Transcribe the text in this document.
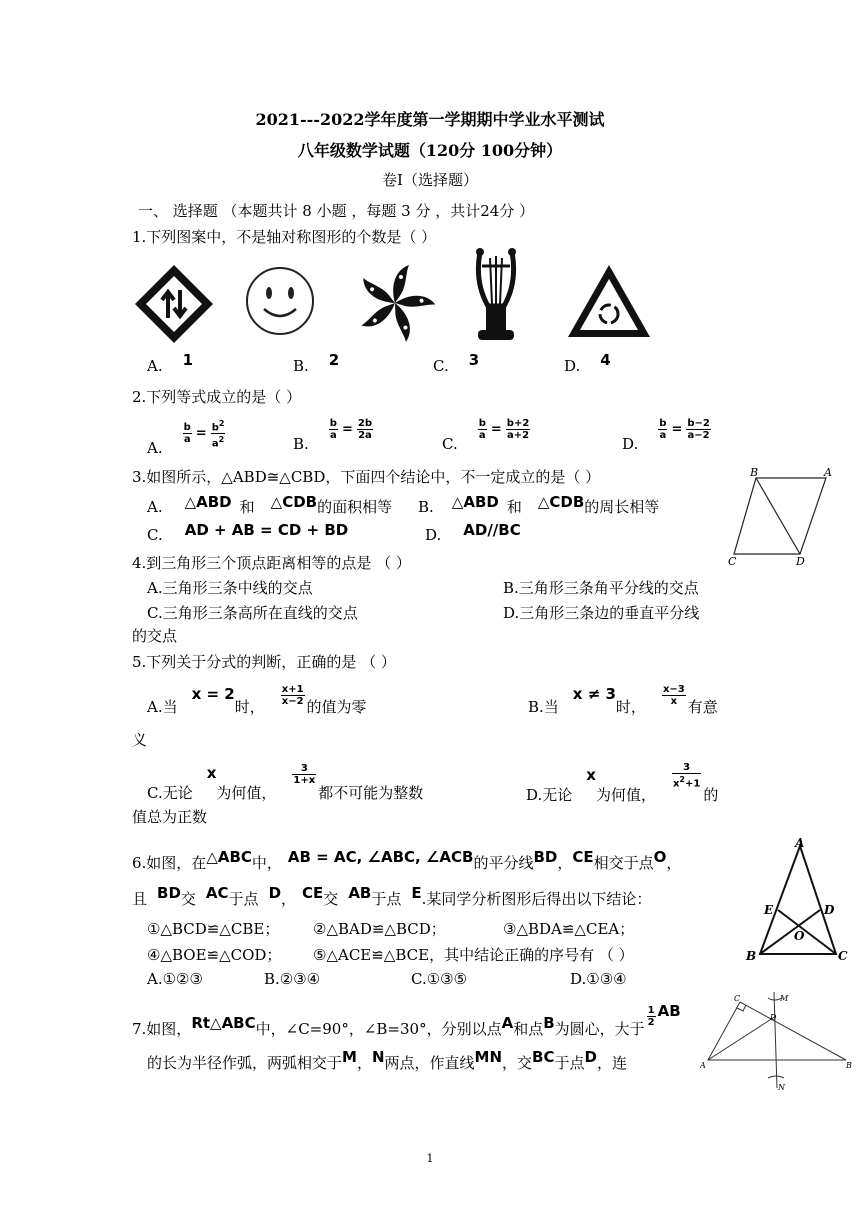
2021---2022学年度第一学期期中学业水平测试
八年级数学试题（120分 100分钟）
卷Ⅰ（选择题）
一、 选择题 （本题共计 8 小题 ，每题 3 分 ，共计24分 ）
1.下列图案中，不是轴对称图形的个数是（ ）
A. 1	B. 2	C. 3	D. 4
2.下列等式成立的是（ ）
A.
$\frac{b}{a} = \frac{b^2}{a^2}$	B.
$\frac{b}{a} = \frac{2b}{2a}$
C.
$\frac{b}{a} = \frac{b+2}{a+2}$
D.
$\frac{b}{a} = \frac{b-2}{a-2}$
3.如图所示，△ABD≅△CBD，下面四个结论中，不一定成立的是（ ）
A. △ABD 和 △CDB的面积相等 B. △ABD 和 △CDB的周长相等
C. AD + AB = CD + BD	D. AD//BC
B	A
C	D
4.到三角形三个顶点距离相等的点是 （ ）
A.三角形三条中线的交点	B.三角形三条角平分线的交点
C.三角形三条高所在直线的交点	D.三角形三条边的垂直平分线
的交点
5.下列关于分式的判断，正确的是 （ ）
A.当x = 2时，
$\frac{x+1}{x-2}$
的值为零	B.当x ≠ 3时，
$\frac{x-3}{x}$
有意
义
C.无论x为何值，
$\frac{3}{1+x}$
都不可能为整数	D.无论x为何值，
$\frac{3}{x^2+1}$
的
值总为正数
6.如图，在△ABC中， AB = AC, ∠ABC, ∠ACB的平分线BD，CE相交于点O，
且 BD交 AC于点 D， CE交 AB于点 E.某同学分析图形后得出以下结论：
①△BCD≌△CBE； ②△BAD≌△BCD；	③△BDA≌△CEA；
④△BOE≌△COD； ⑤△ACE≌△BCE，其中结论正确的序号有 （ ）
A.①②③	B.②③④	C.①③⑤	D.①③④
A
E	D
O
B	C
7.如图，Rt△ABC中，∠C=90°，∠B=30°，分别以点A和点B为圆心，大于
$\frac{1}{2}$ AB
的长为半径作弧，两弧相交于M，N两点，作直线MN，交BC于点D，连
C	M
D
A	B
N
1
